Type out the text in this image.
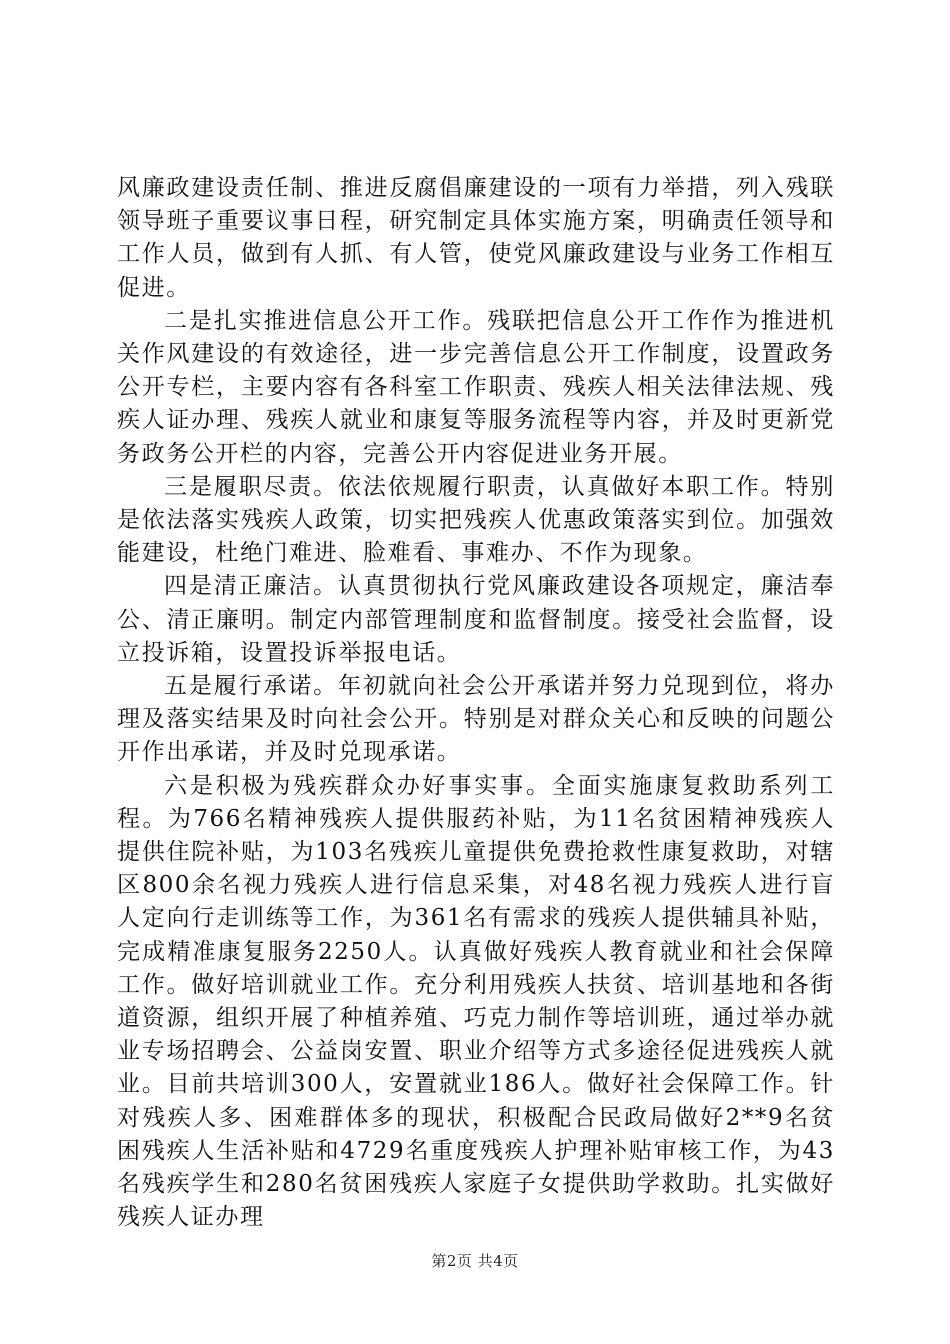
风廉政建设责任制、推进反腐倡廉建设的一项有力举措，列入残联领导班子重要议事日程，研究制定具体实施方案，明确责任领导和工作人员，做到有人抓、有人管，使党风廉政建设与业务工作相互促进。

二是扎实推进信息公开工作。残联把信息公开工作作为推进机关作风建设的有效途径，进一步完善信息公开工作制度，设置政务公开专栏，主要内容有各科室工作职责、残疾人相关法律法规、残疾人证办理、残疾人就业和康复等服务流程等内容，并及时更新党务政务公开栏的内容，完善公开内容促进业务开展。

三是履职尽责。依法依规履行职责，认真做好本职工作。特别是依法落实残疾人政策，切实把残疾人优惠政策落实到位。加强效能建设，杜绝门难进、脸难看、事难办、不作为现象。

四是清正廉洁。认真贯彻执行党风廉政建设各项规定，廉洁奉公、清正廉明。制定内部管理制度和监督制度。接受社会监督，设立投诉箱，设置投诉举报电话。

五是履行承诺。年初就向社会公开承诺并努力兑现到位，将办理及落实结果及时向社会公开。特别是对群众关心和反映的问题公开作出承诺，并及时兑现承诺。

六是积极为残疾群众办好事实事。全面实施康复救助系列工程。为766名精神残疾人提供服药补贴，为11名贫困精神残疾人提供住院补贴，为103名残疾儿童提供免费抢救性康复救助，对辖区800余名视力残疾人进行信息采集，对48名视力残疾人进行盲人定向行走训练等工作，为361名有需求的残疾人提供辅具补贴，完成精准康复服务2250人。认真做好残疾人教育就业和社会保障工作。做好培训就业工作。充分利用残疾人扶贫、培训基地和各街道资源，组织开展了种植养殖、巧克力制作等培训班，通过举办就业专场招聘会、公益岗安置、职业介绍等方式多途径促进残疾人就业。目前共培训300人，安置就业186人。做好社会保障工作。针对残疾人多、困难群体多的现状，积极配合民政局做好2**9名贫困残疾人生活补贴和4729名重度残疾人护理补贴审核工作，为43名残疾学生和280名贫困残疾人家庭子女提供助学救助。扎实做好残疾人证办理

第2页 共4页
